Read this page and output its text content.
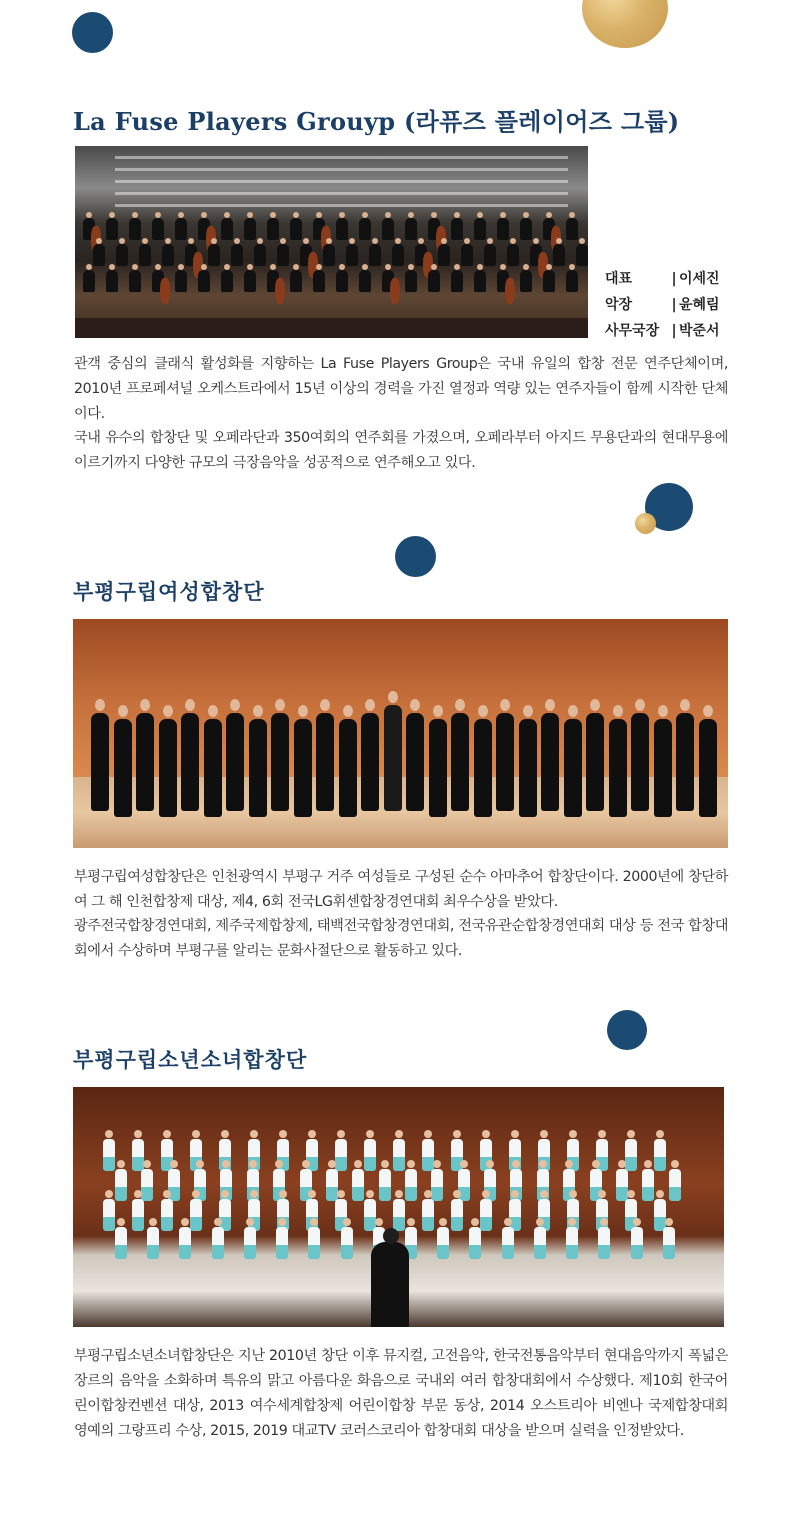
La Fuse Players Grouyp (라퓨즈 플레이어즈 그룹)
대표	| 이세진
악장	| 윤혜림
사무국장 | 박준서

관객 중심의 클래식 활성화를 지향하는 La Fuse Players Group은 국내 유일의 합창 전문 연주단체이며, 2010년 프로페셔널 오케스트라에서 15년 이상의 경력을 가진 열정과 역량 있는 연주자들이 함께 시작한 단체이다.

국내 유수의 합창단 및 오페라단과 350여회의 연주회를 가졌으며, 오페라부터 아지드 무용단과의 현대무용에 이르기까지 다양한 규모의 극장음악을 성공적으로 연주해오고 있다.

부평구립여성합창단

부평구립여성합창단은 인천광역시 부평구 거주 여성들로 구성된 순수 아마추어 합창단이다. 2000년에 창단하여 그 해 인천합창제 대상, 제4, 6회 전국LG휘센합창경연대회 최우수상을 받았다.

광주전국합창경연대회, 제주국제합창제, 태백전국합창경연대회, 전국유관순합창경연대회 대상 등 전국 합창대회에서 수상하며 부평구를 알리는 문화사절단으로 활동하고 있다.

부평구립소년소녀합창단

부평구립소년소녀합창단은 지난 2010년 창단 이후 뮤지컬, 고전음악, 한국전통음악부터 현대음악까지 폭넓은 장르의 음악을 소화하며 특유의 맑고 아름다운 화음으로 국내외 여러 합창대회에서 수상했다. 제10회 한국어린이합창컨벤션 대상, 2013 여수세계합창제 어린이합창 부문 동상, 2014 오스트리아 비엔나 국제합창대회 영예의 그랑프리 수상, 2015, 2019 대교TV 코러스코리아 합창대회 대상을 받으며 실력을 인정받았다.
